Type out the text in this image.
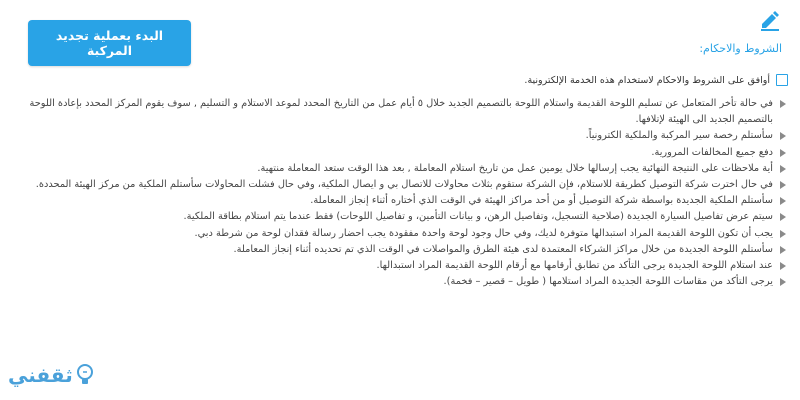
البدء بعملية تجديد المركبة	الشروط والاحكام:
أوافق على الشروط والاحكام لاستخدام هذه الخدمة الإلكترونية.
في حالة تأخر المتعامل عن تسليم اللوحة القديمة واستلام اللوحة بالتصميم الجديد خلال ٥ أيام عمل من التاريخ المحدد لموعد الاستلام و التسليم , سوف يقوم المركز المحدد بإعادة اللوحة بالتصميم الجديد الى الهيئة لإتلافها.
سأستلم رخصة سير المركبة والملكية الكترونياً.
دفع جميع المخالفات المرورية.
أية ملاحظات على النتيجة النهائية يجب إرسالها خلال يومين عمل من تاريخ استلام المعاملة , بعد هذا الوقت ستعد المعاملة منتهية.
في حال اخترت شركة التوصيل كطريقة للاستلام، فإن الشركة ستقوم بثلاث محاولات للاتصال بي و ايصال الملكية، وفي حال فشلت المحاولات سأستلم الملكية من مركز الهيئة المحددة.
سأستلم الملكية الجديدة بواسطة شركة التوصيل أو من أحد مراكز الهيئة في الوقت الذي أختاره أثناء إنجاز المعاملة.
سيتم عرض تفاصيل السيارة الجديدة (صلاحية التسجيل، وتفاصيل الرهن، و بيانات التأمين، و تفاصيل اللوحات) فقط عندما يتم استلام بطاقة الملكية.
يجب أن تكون اللوحة القديمة المراد استبدالها متوفرة لديك، وفي حال وجود لوحة واحدة مفقودة يجب احضار رسالة فقدان لوحة من شرطة دبي.
سأستلم اللوحة الجديدة من خلال مراكز الشركاء المعتمدة لدى هيئة الطرق والمواصلات في الوقت الذي تم تحديده أثناء إنجاز المعاملة.
عند استلام اللوحة الجديدة يرجى التأكد من تطابق أرقامها مع أرقام اللوحة القديمة المراد استبدالها.
يرجى التأكد من مقاسات اللوحة الجديدة المراد استلامها ( طويل – قصير – فخمة).
ثقفني
